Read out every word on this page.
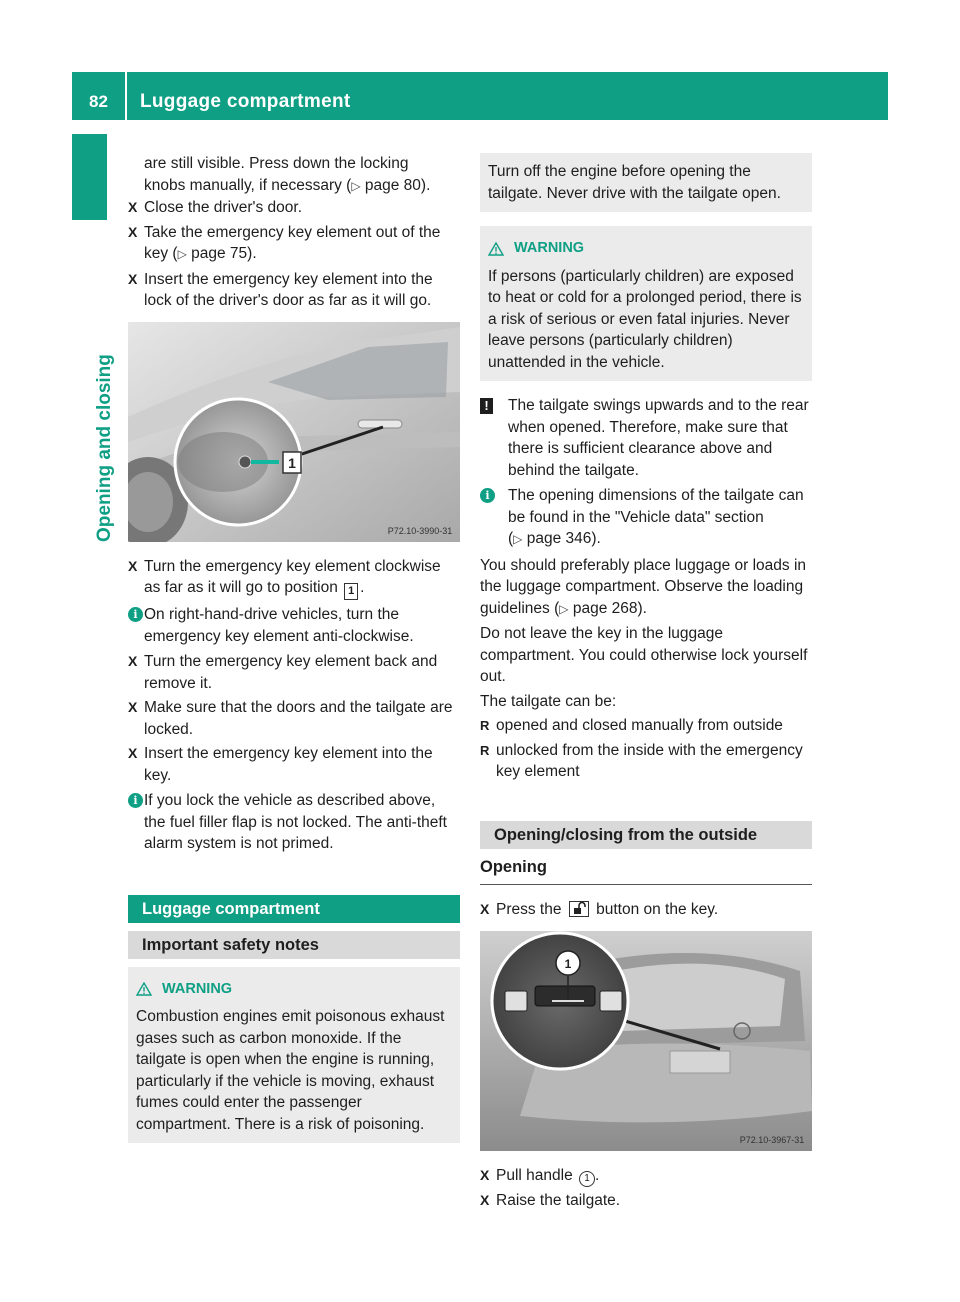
82	Luggage compartment
Opening and closing
are still visible. Press down the locking
knobs manually, if necessary (▷ page 80).
X Close the driver's door.
X Take the emergency key element out of the key (▷ page 75).
X Insert the emergency key element into the lock of the driver's door as far as it will go.
1
P72.10-3990-31
X Turn the emergency key element clockwise as far as it will go to position 1 .
i On right-hand-drive vehicles, turn the emergency key element anti-clockwise.
X Turn the emergency key element back and remove it.
X Make sure that the doors and the tailgate are locked.
X Insert the emergency key element into the key.
i If you lock the vehicle as described above, the fuel filler flap is not locked. The anti-theft alarm system is not primed.
Luggage compartment
Important safety notes
WARNING
Combustion engines emit poisonous exhaust gases such as carbon monoxide. If the tailgate is open when the engine is running, particularly if the vehicle is moving, exhaust fumes could enter the passenger compartment. There is a risk of poisoning.
Turn off the engine before opening the tailgate. Never drive with the tailgate open.
WARNING
If persons (particularly children) are exposed to heat or cold for a prolonged period, there is a risk of serious or even fatal injuries. Never leave persons (particularly children) unattended in the vehicle.
! The tailgate swings upwards and to the rear when opened. Therefore, make sure that there is sufficient clearance above and behind the tailgate.
i	The opening dimensions of the tailgate can be found in the "Vehicle data" section (▷ page 346).
You should preferably place luggage or loads in the luggage compartment. Observe the loading guidelines (▷ page 268).
Do not leave the key in the luggage compartment. You could otherwise lock yourself out.
The tailgate can be:
R opened and closed manually from outside
R unlocked from the inside with the emergency key element
Opening/closing from the outside
Opening
X Press the button on the key.
1
P72.10-3967-31
X Pull handle 1 .
X Raise the tailgate.
